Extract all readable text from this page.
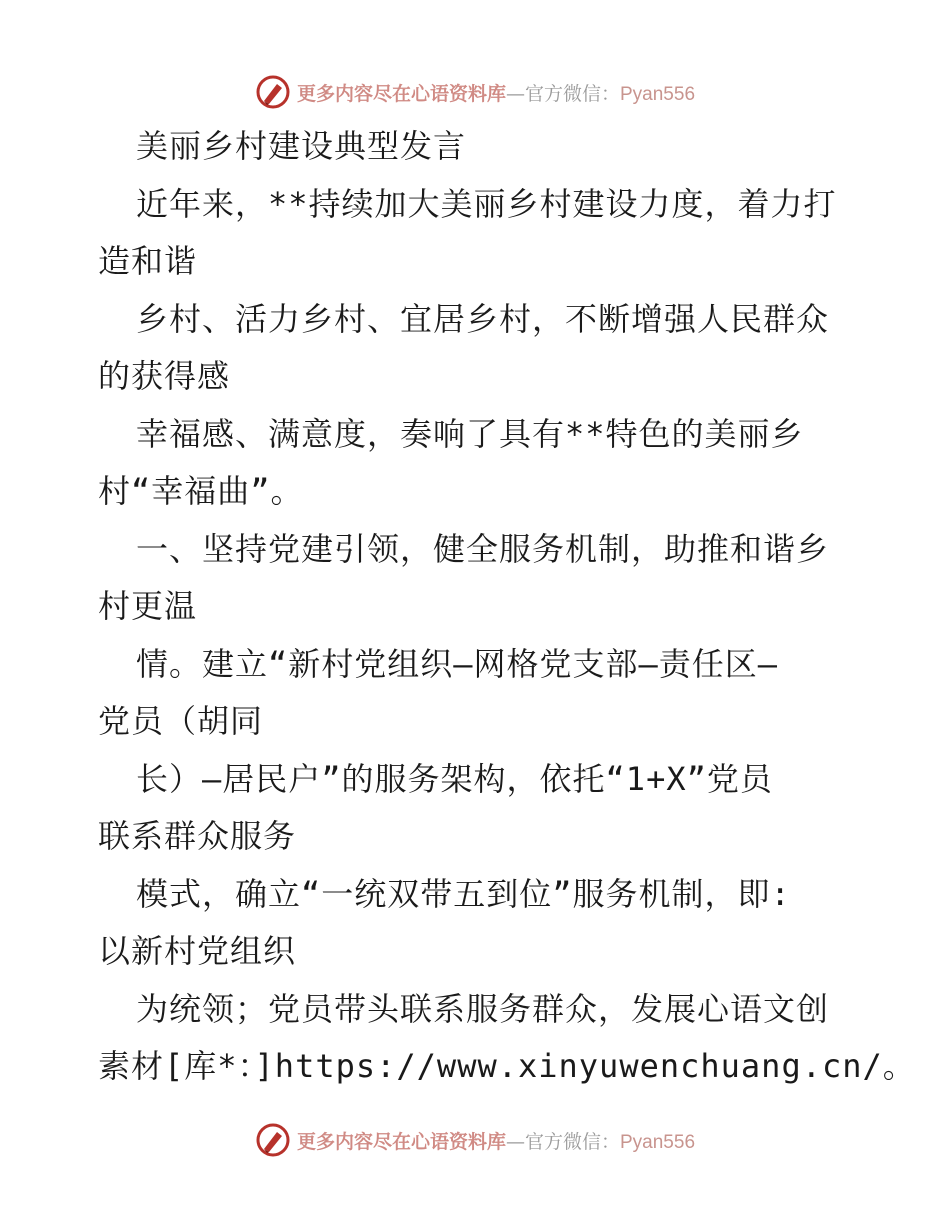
更多内容尽在心语资料库—官方微信：Pyan556
美丽乡村建设典型发言
近年来，**持续加大美丽乡村建设力度，着力打
造和谐
乡村、活力乡村、宜居乡村，不断增强人民群众
的获得感
幸福感、满意度，奏响了具有**特色的美丽乡
村“幸福曲”。
一、坚持党建引领，健全服务机制，助推和谐乡
村更温
情。建立“新村党组织—网格党支部—责任区—
党员（胡同
长）—居民户”的服务架构，依托“1+X”党员
联系群众服务
模式，确立“一统双带五到位”服务机制，即:
以新村党组织
为统领；党员带头联系服务群众，发展心语文创
素材[库*：]https://www.xinyuwenchuang.cn/。
更多内容尽在心语资料库—官方微信：Pyan556
